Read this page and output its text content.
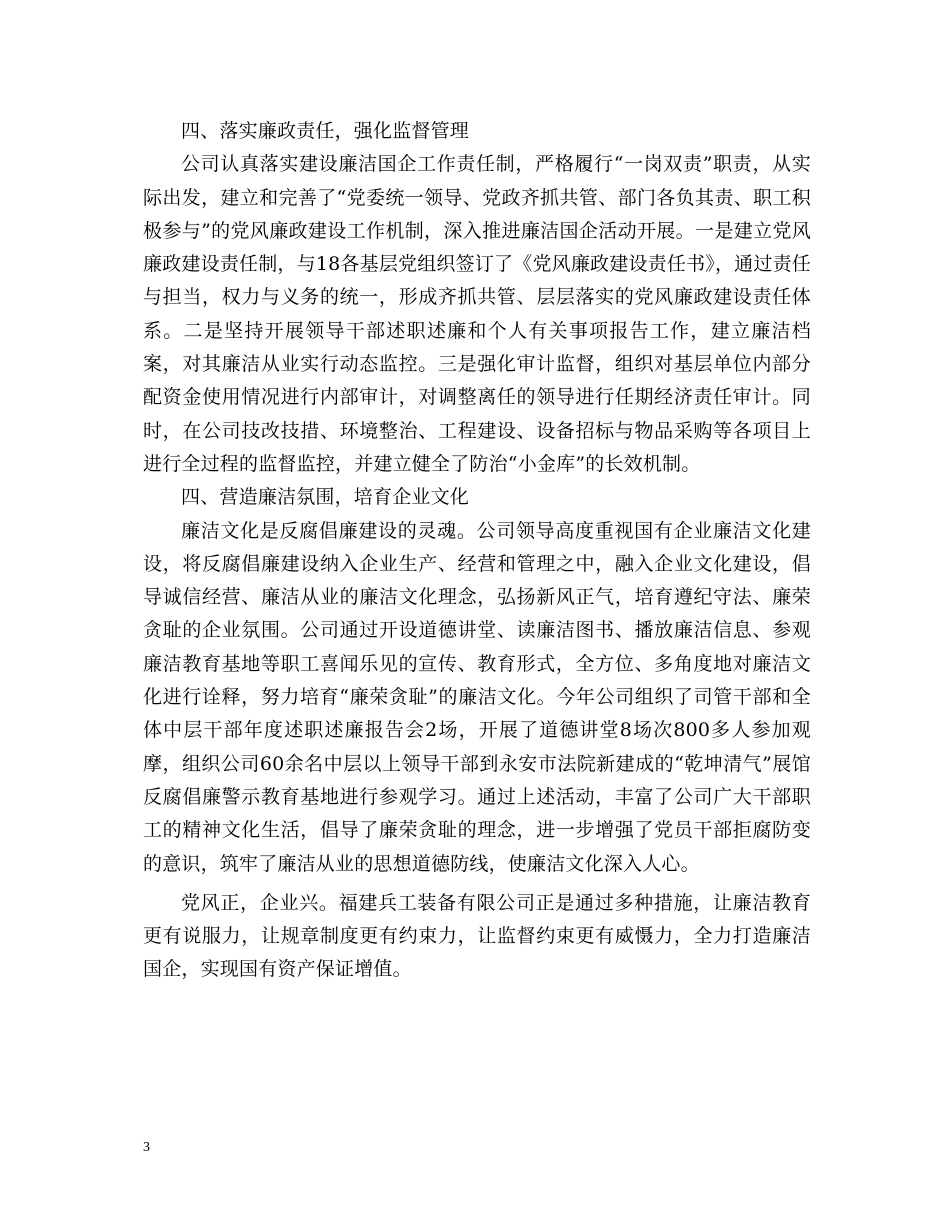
四、落实廉政责任，强化监督管理

公司认真落实建设廉洁国企工作责任制，严格履行“一岗双责”职责，从实际出发，建立和完善了“党委统一领导、党政齐抓共管、部门各负其责、职工积极参与”的党风廉政建设工作机制，深入推进廉洁国企活动开展。一是建立党风廉政建设责任制，与18各基层党组织签订了《党风廉政建设责任书》，通过责任与担当，权力与义务的统一，形成齐抓共管、层层落实的党风廉政建设责任体系。二是坚持开展领导干部述职述廉和个人有关事项报告工作，建立廉洁档案，对其廉洁从业实行动态监控。三是强化审计监督，组织对基层单位内部分配资金使用情况进行内部审计，对调整离任的领导进行任期经济责任审计。同时，在公司技改技措、环境整治、工程建设、设备招标与物品采购等各项目上进行全过程的监督监控，并建立健全了防治“小金库”的长效机制。

四、营造廉洁氛围，培育企业文化

廉洁文化是反腐倡廉建设的灵魂。公司领导高度重视国有企业廉洁文化建设，将反腐倡廉建设纳入企业生产、经营和管理之中，融入企业文化建设，倡导诚信经营、廉洁从业的廉洁文化理念，弘扬新风正气，培育遵纪守法、廉荣贪耻的企业氛围。公司通过开设道德讲堂、读廉洁图书、播放廉洁信息、参观廉洁教育基地等职工喜闻乐见的宣传、教育形式，全方位、多角度地对廉洁文化进行诠释，努力培育“廉荣贪耻”的廉洁文化。今年公司组织了司管干部和全体中层干部年度述职述廉报告会2场，开展了道德讲堂8场次800多人参加观摩，组织公司60余名中层以上领导干部到永安市法院新建成的“乾坤清气”展馆反腐倡廉警示教育基地进行参观学习。通过上述活动，丰富了公司广大干部职工的精神文化生活，倡导了廉荣贪耻的理念，进一步增强了党员干部拒腐防变的意识，筑牢了廉洁从业的思想道德防线，使廉洁文化深入人心。

党风正，企业兴。福建兵工装备有限公司正是通过多种措施，让廉洁教育更有说服力，让规章制度更有约束力，让监督约束更有威慑力，全力打造廉洁国企，实现国有资产保证增值。

3
